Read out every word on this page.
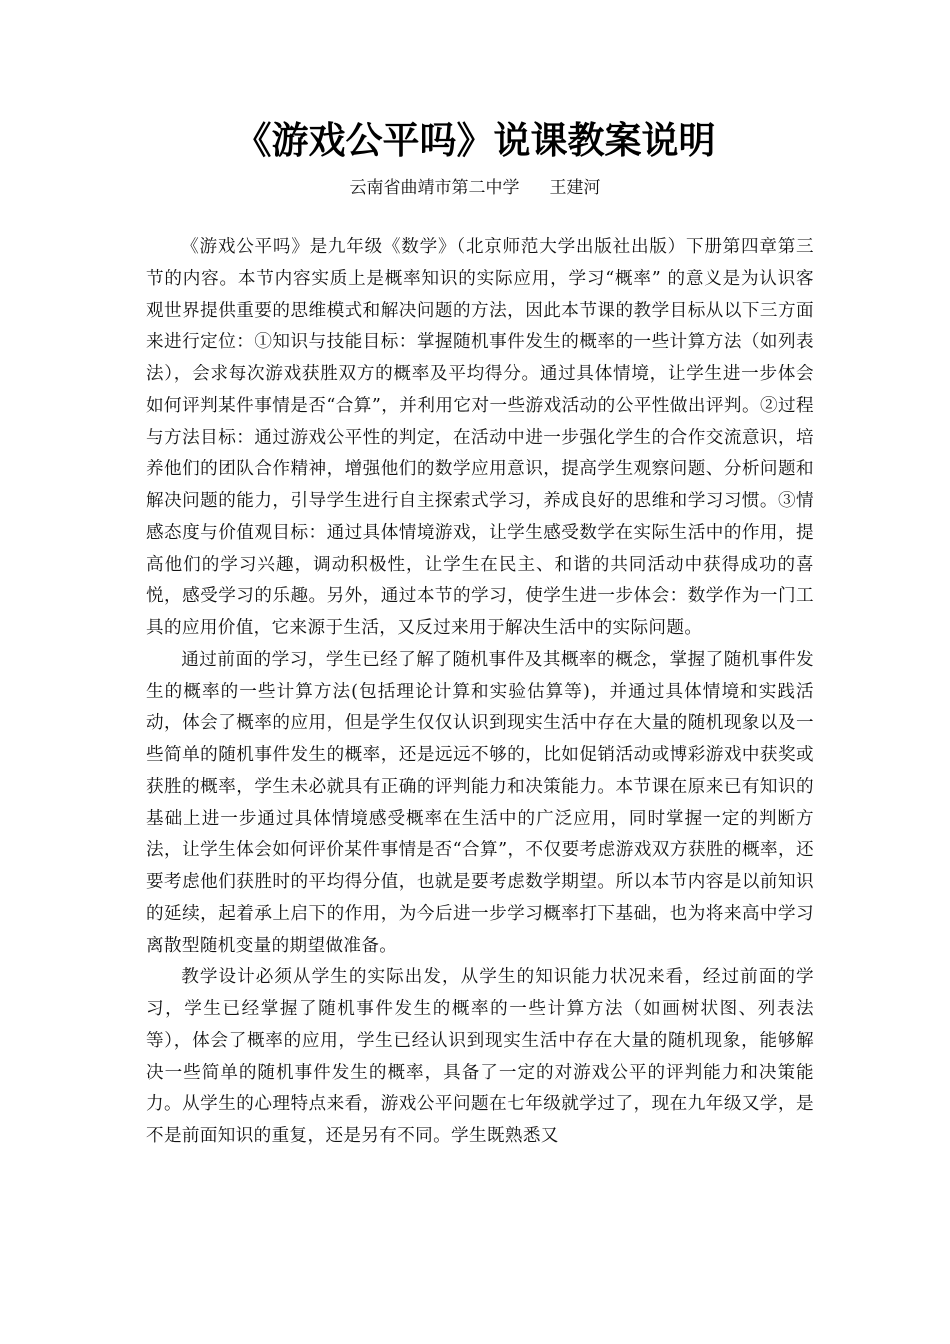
《游戏公平吗》说课教案说明
云南省曲靖市第二中学 王建河

《游戏公平吗》是九年级《数学》（北京师范大学出版社出版）下册第四章第三节的内容。本节内容实质上是概率知识的实际应用，学习“概率” 的意义是为认识客观世界提供重要的思维模式和解决问题的方法，因此本节课的教学目标从以下三方面来进行定位：①知识与技能目标：掌握随机事件发生的概率的一些计算方法（如列表法），会求每次游戏获胜双方的概率及平均得分。通过具体情境，让学生进一步体会如何评判某件事情是否“合算”，并利用它对一些游戏活动的公平性做出评判。②过程与方法目标：通过游戏公平性的判定，在活动中进一步强化学生的合作交流意识，培养他们的团队合作精神，增强他们的数学应用意识，提高学生观察问题、分析问题和解决问题的能力，引导学生进行自主探索式学习，养成良好的思维和学习习惯。③情感态度与价值观目标：通过具体情境游戏，让学生感受数学在实际生活中的作用，提高他们的学习兴趣，调动积极性，让学生在民主、和谐的共同活动中获得成功的喜悦，感受学习的乐趣。另外，通过本节的学习，使学生进一步体会：数学作为一门工具的应用价值，它来源于生活，又反过来用于解决生活中的实际问题。

通过前面的学习，学生已经了解了随机事件及其概率的概念，掌握了随机事件发生的概率的一些计算方法(包括理论计算和实验估算等)，并通过具体情境和实践活动，体会了概率的应用，但是学生仅仅认识到现实生活中存在大量的随机现象以及一些简单的随机事件发生的概率，还是远远不够的，比如促销活动或博彩游戏中获奖或获胜的概率，学生未必就具有正确的评判能力和决策能力。本节课在原来已有知识的基础上进一步通过具体情境感受概率在生活中的广泛应用，同时掌握一定的判断方法，让学生体会如何评价某件事情是否“合算”，不仅要考虑游戏双方获胜的概率，还要考虑他们获胜时的平均得分值，也就是要考虑数学期望。所以本节内容是以前知识的延续，起着承上启下的作用，为今后进一步学习概率打下基础，也为将来高中学习离散型随机变量的期望做准备。

教学设计必须从学生的实际出发，从学生的知识能力状况来看，经过前面的学习，学生已经掌握了随机事件发生的概率的一些计算方法（如画树状图、列表法等），体会了概率的应用，学生已经认识到现实生活中存在大量的随机现象，能够解决一些简单的随机事件发生的概率，具备了一定的对游戏公平的评判能力和决策能力。从学生的心理特点来看，游戏公平问题在七年级就学过了，现在九年级又学，是不是前面知识的重复，还是另有不同。学生既熟悉又
